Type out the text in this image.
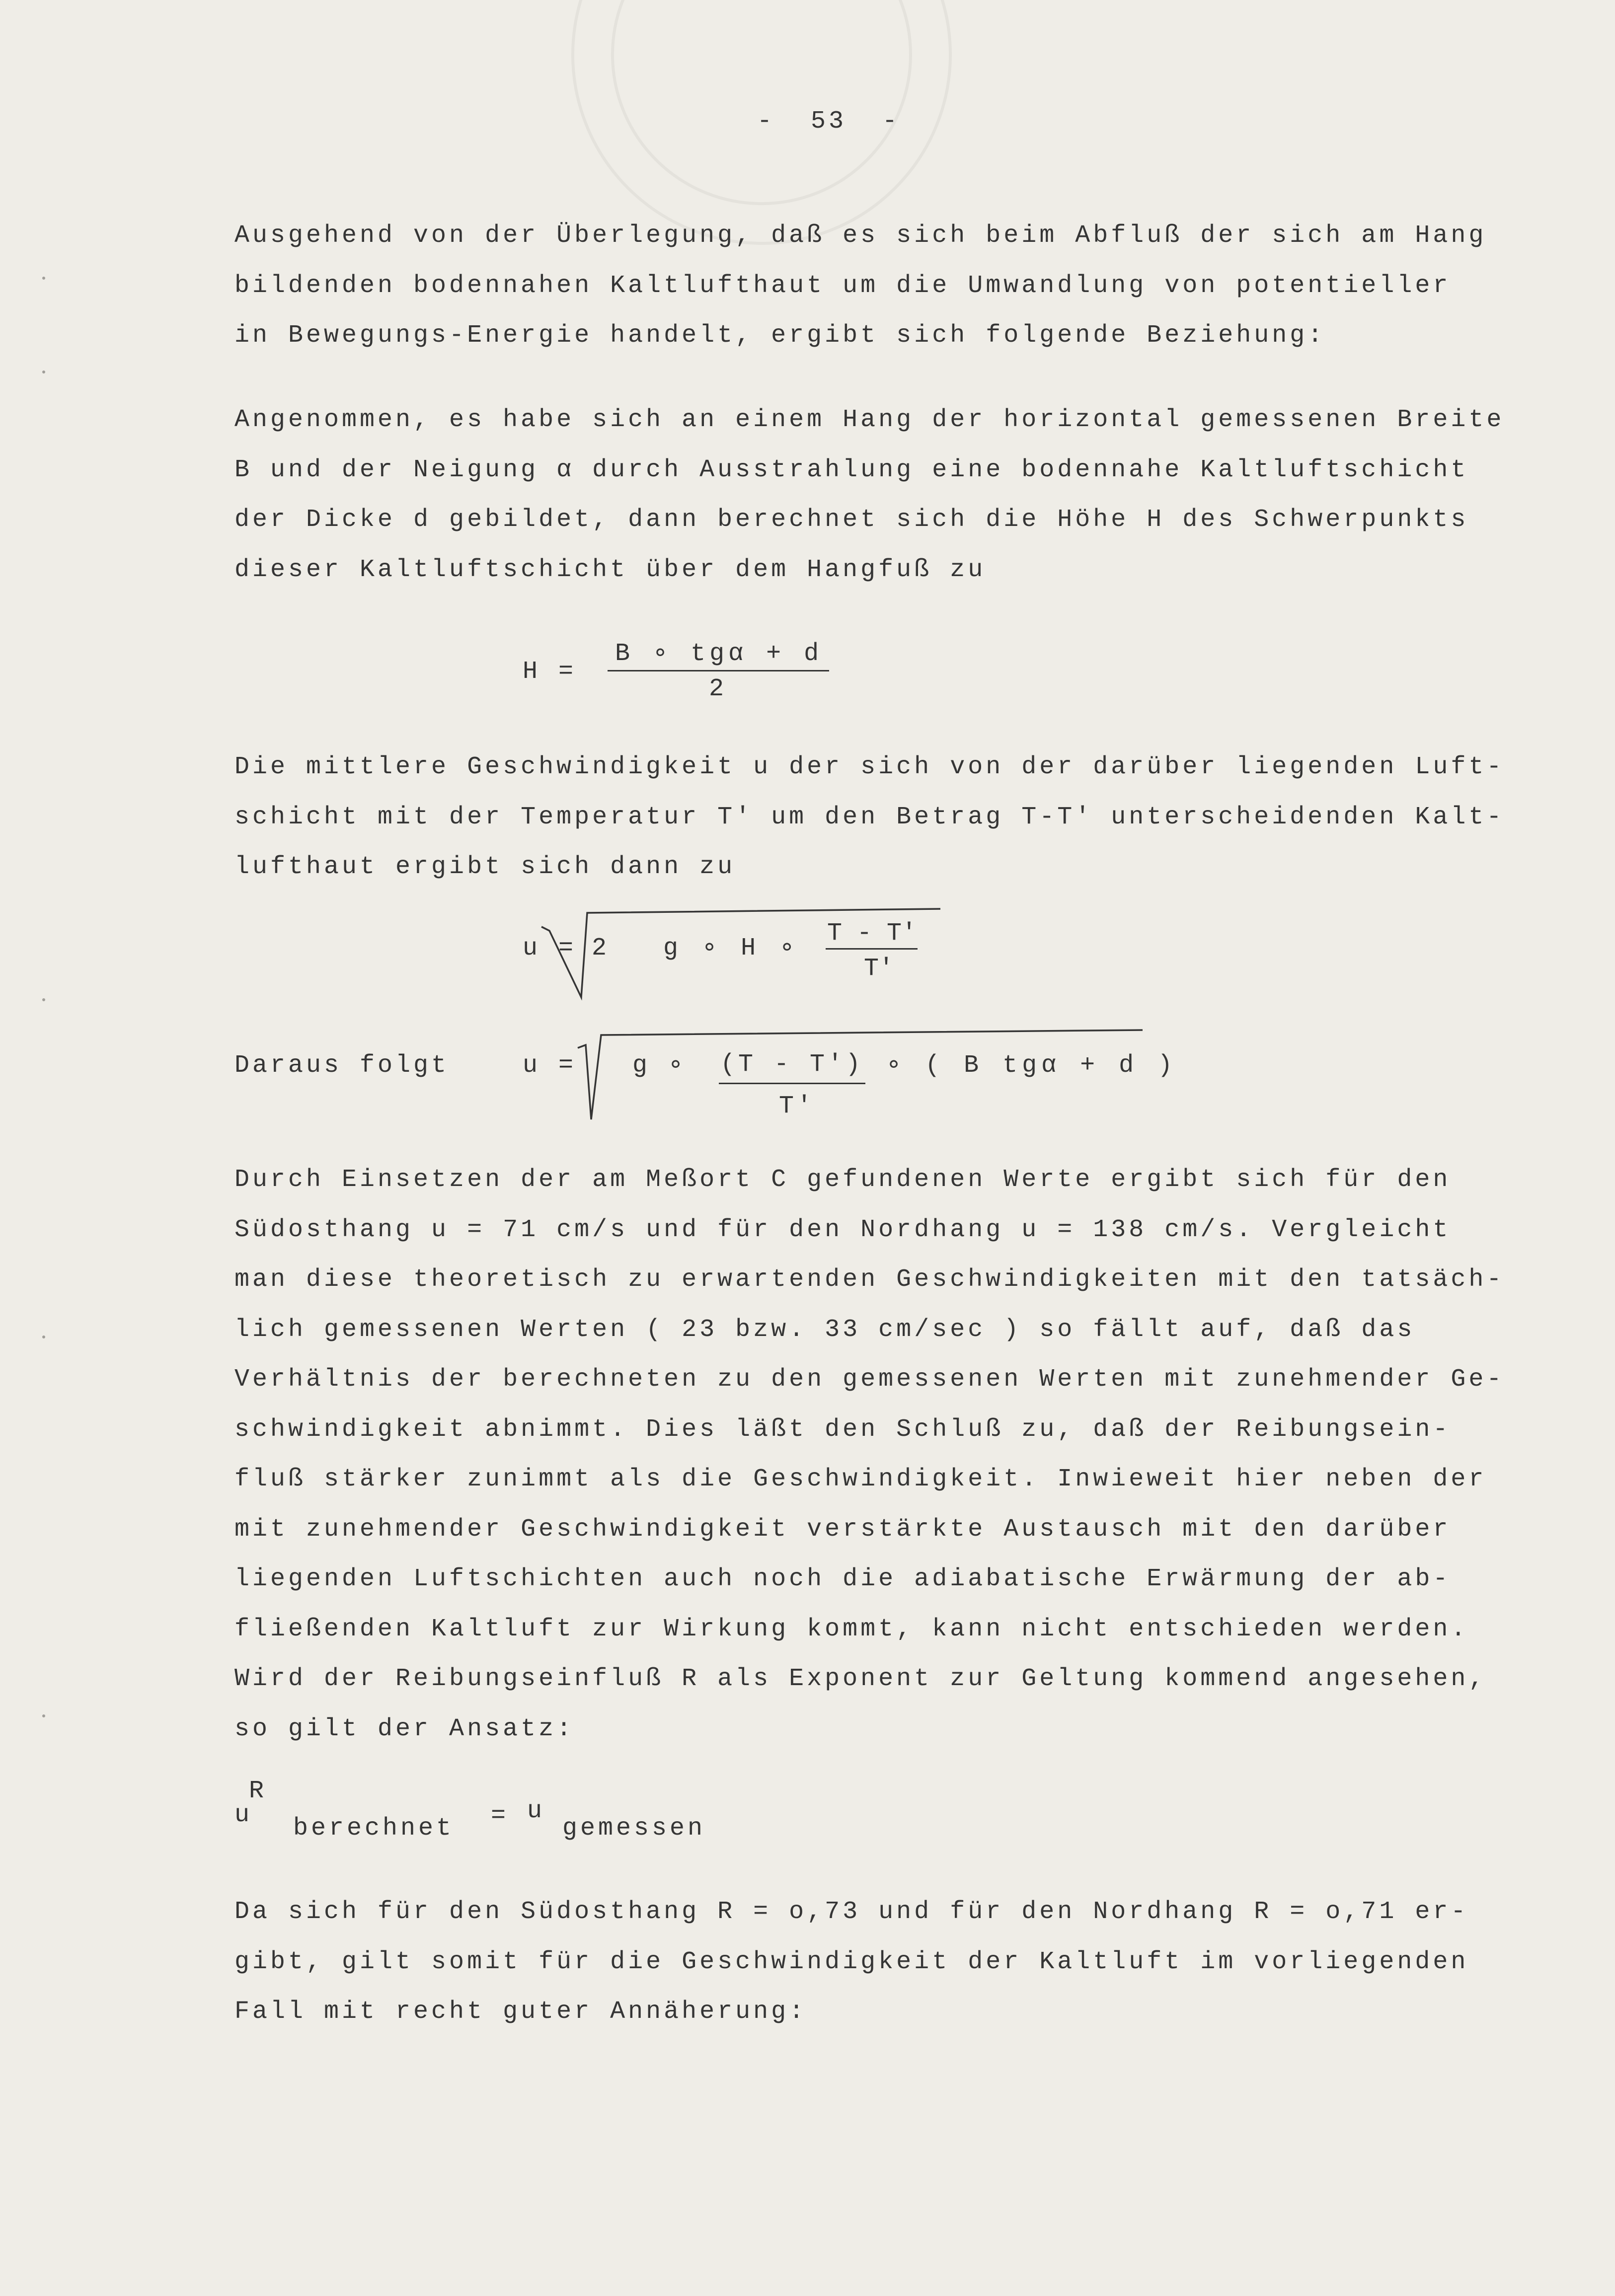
- 53 -
Ausgehend von der Überlegung, daß es sich beim Abfluß der sich am Hang
bildenden bodennahen Kaltlufthaut um die Umwandlung von potentieller
in Bewegungs-Energie handelt, ergibt sich folgende Beziehung:
Angenommen, es habe sich an einem Hang der horizontal gemessenen Breite
B und der Neigung α durch Ausstrahlung eine bodennahe Kaltluftschicht
der Dicke d gebildet, dann berechnet sich die Höhe H des Schwerpunkts
dieser Kaltluftschicht über dem Hangfuß zu
H =
B ∘ tgα + d
2
Die mittlere Geschwindigkeit u der sich von der darüber liegenden Luft-
schicht mit der Temperatur T' um den Betrag T-T' unterscheidenden Kalt-
lufthaut ergibt sich dann zu
u = 2 g ∘ H ∘
T - T'
T'
Daraus folgt	u = g ∘ (T - T')
T'
∘ ( B tgα + d )
Durch Einsetzen der am Meßort C gefundenen Werte ergibt sich für den
Südosthang u = 71 cm/s und für den Nordhang u = 138 cm/s. Vergleicht
man diese theoretisch zu erwartenden Geschwindigkeiten mit den tatsäch-
lich gemessenen Werten ( 23 bzw. 33 cm/sec ) so fällt auf, daß das
Verhältnis der berechneten zu den gemessenen Werten mit zunehmender Ge-
schwindigkeit abnimmt. Dies läßt den Schluß zu, daß der Reibungsein-
fluß stärker zunimmt als die Geschwindigkeit. Inwieweit hier neben der
mit zunehmender Geschwindigkeit verstärkte Austausch mit den darüber
liegenden Luftschichten auch noch die adiabatische Erwärmung der ab-
fließenden Kaltluft zur Wirkung kommt, kann nicht entschieden werden.
Wird der Reibungseinfluß R als Exponent zur Geltung kommend angesehen,
so gilt der Ansatz:
u
R
berechnet = u
gemessen
Da sich für den Südosthang R = o,73 und für den Nordhang R = o,71 er-
gibt, gilt somit für die Geschwindigkeit der Kaltluft im vorliegenden
Fall mit recht guter Annäherung:
